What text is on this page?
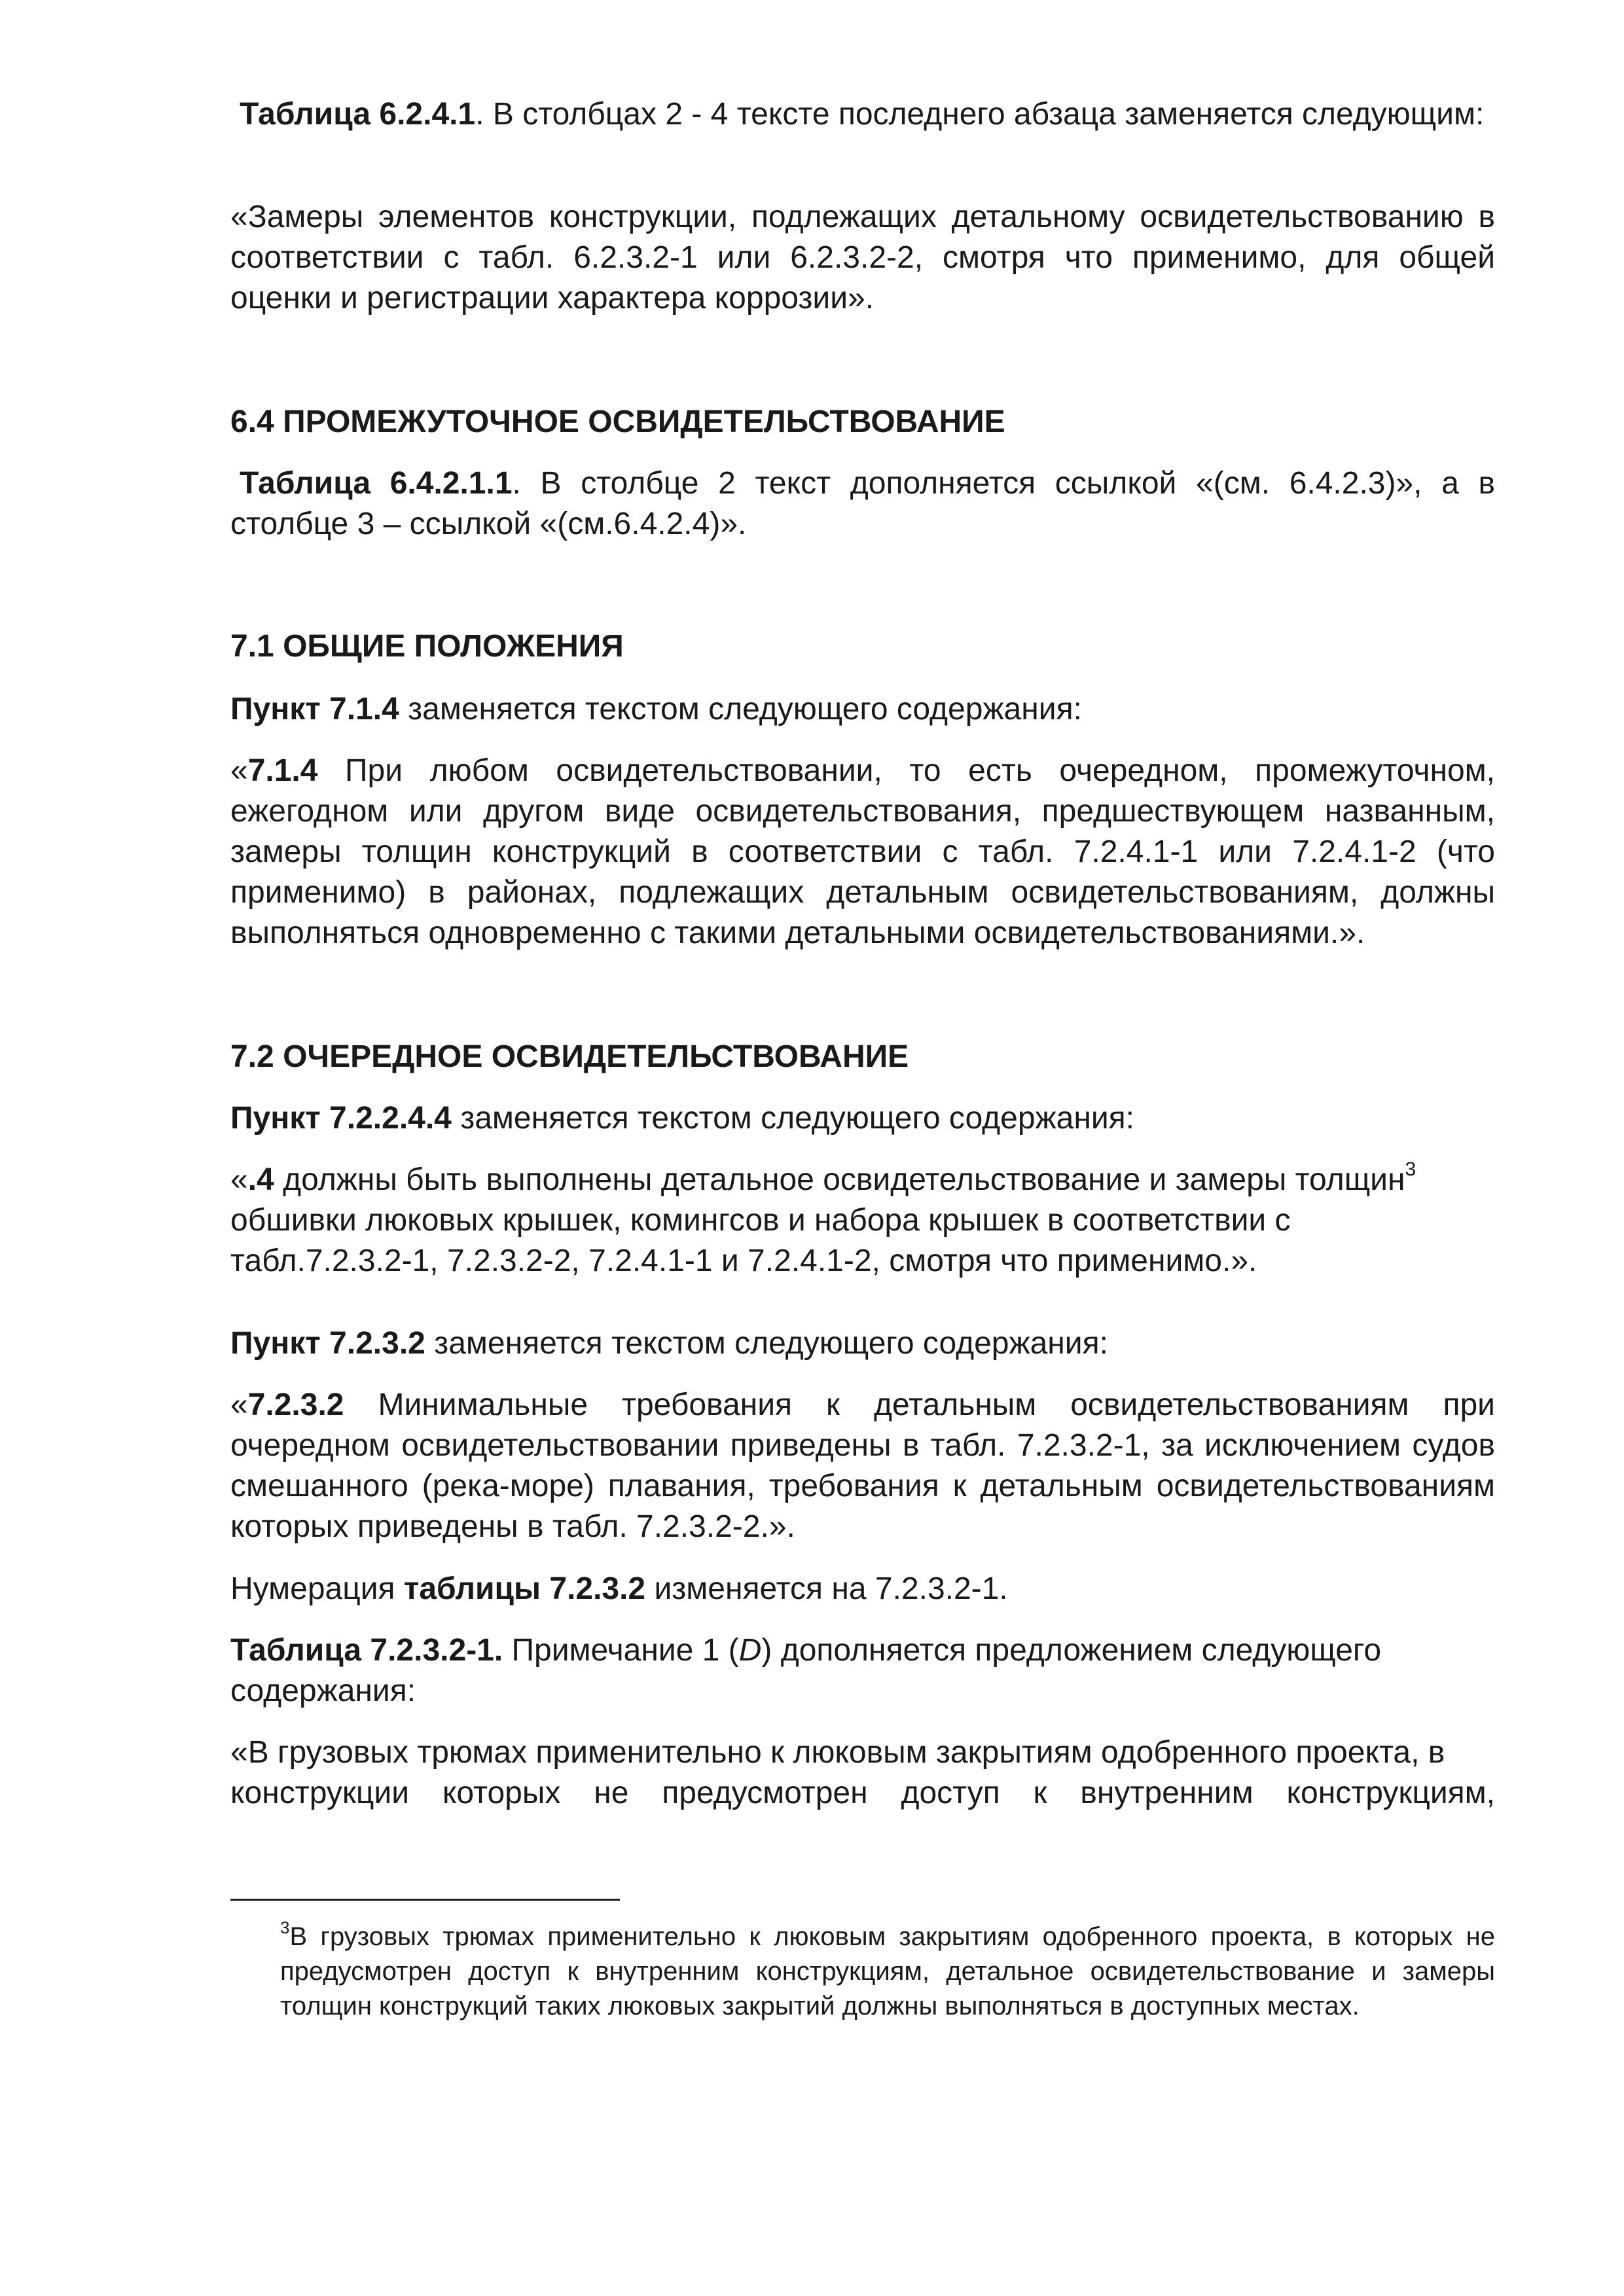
Таблица 6.2.4.1. В столбцах 2 - 4 тексте последнего абзаца заменяется следующим:

«Замеры элементов конструкции, подлежащих детальному освидетельствованию в соответствии с табл. 6.2.3.2-1 или 6.2.3.2-2, смотря что применимо, для общей оценки и регистрации характера коррозии».

6.4 ПРОМЕЖУТОЧНОЕ ОСВИДЕТЕЛЬСТВОВАНИЕ

Таблица 6.4.2.1.1. В столбце 2 текст дополняется ссылкой «(см. 6.4.2.3)», а в столбце 3 – ссылкой «(см.6.4.2.4)».

7.1 ОБЩИЕ ПОЛОЖЕНИЯ

Пункт 7.1.4 заменяется текстом следующего содержания:

«7.1.4 При любом освидетельствовании, то есть очередном, промежуточном, ежегодном или другом виде освидетельствования, предшествующем названным, замеры толщин конструкций в соответствии с табл. 7.2.4.1-1 или 7.2.4.1-2 (что применимо) в районах, подлежащих детальным освидетельствованиям, должны выполняться одновременно с такими детальными освидетельствованиями.».

7.2 ОЧЕРЕДНОЕ ОСВИДЕТЕЛЬСТВОВАНИЕ

Пункт 7.2.2.4.4 заменяется текстом следующего содержания:

«.4 должны быть выполнены детальное освидетельствование и замеры толщин$^3$

обшивки люковых крышек, комингсов и набора крышек в соответствии с

табл.7.2.3.2-1, 7.2.3.2-2, 7.2.4.1-1 и 7.2.4.1-2, смотря что применимо.».

Пункт 7.2.3.2 заменяется текстом следующего содержания:

«7.2.3.2 Минимальные требования к детальным освидетельствованиям при очередном освидетельствовании приведены в табл. 7.2.3.2-1, за исключением судов смешанного (река-море) плавания, требования к детальным освидетельствованиям которых приведены в табл. 7.2.3.2-2.».

Нумерация таблицы 7.2.3.2 изменяется на 7.2.3.2-1.

Таблица 7.2.3.2-1. Примечание 1 (D) дополняется предложением следующего содержания:

«В грузовых трюмах применительно к люковым закрытиям одобренного проекта, в

конструкции которых не предусмотрен доступ к внутренним конструкциям,

$^3$В грузовых трюмах применительно к люковым закрытиям одобренного проекта, в которых не предусмотрен доступ к внутренним конструкциям, детальное освидетельствование и замеры толщин конструкций таких люковых закрытий должны выполняться в доступных местах.
